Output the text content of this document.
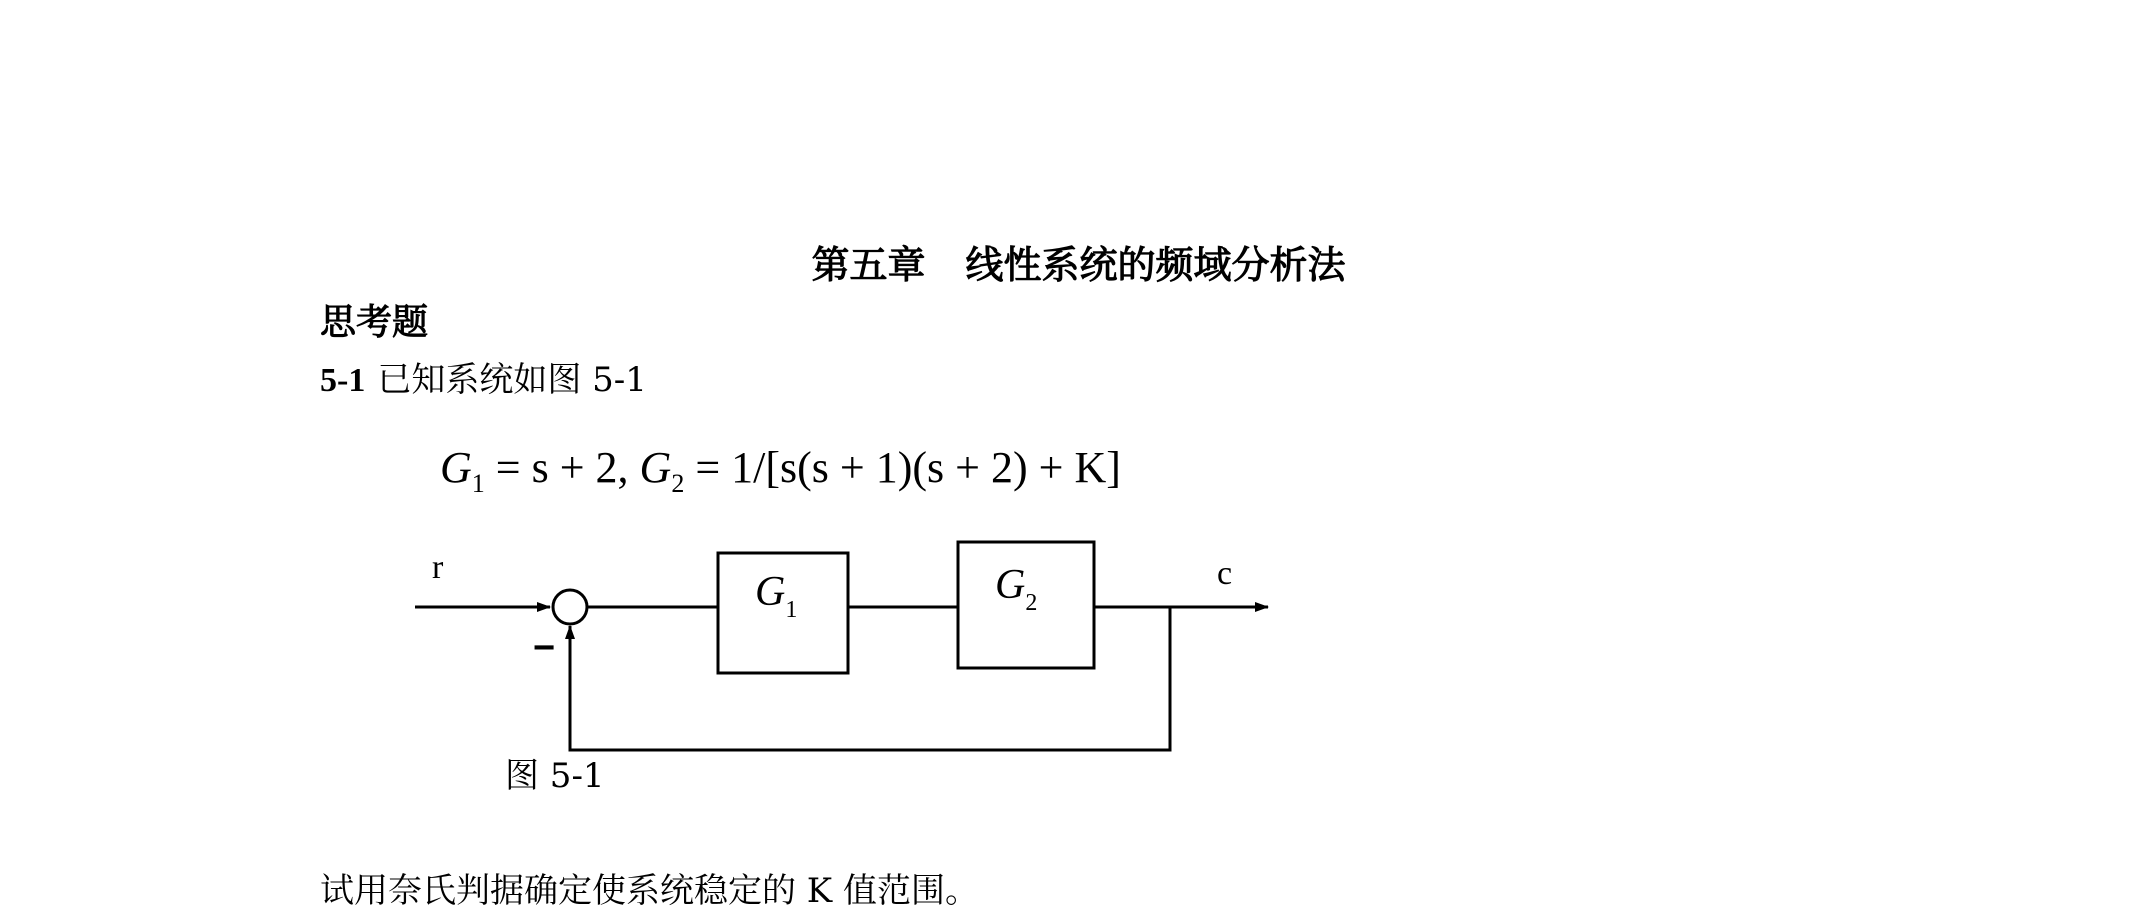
第五章 线性系统的频域分析法
思考题
5-1 已知系统如图 5-1
$G_1 = s + 2$, $G_2 = 1/[s(s + 1)(s + 2) + K]$
r
−
$G_1$
$G_2$
c
图 5-1
试用奈氏判据确定使系统稳定的 K 值范围。
